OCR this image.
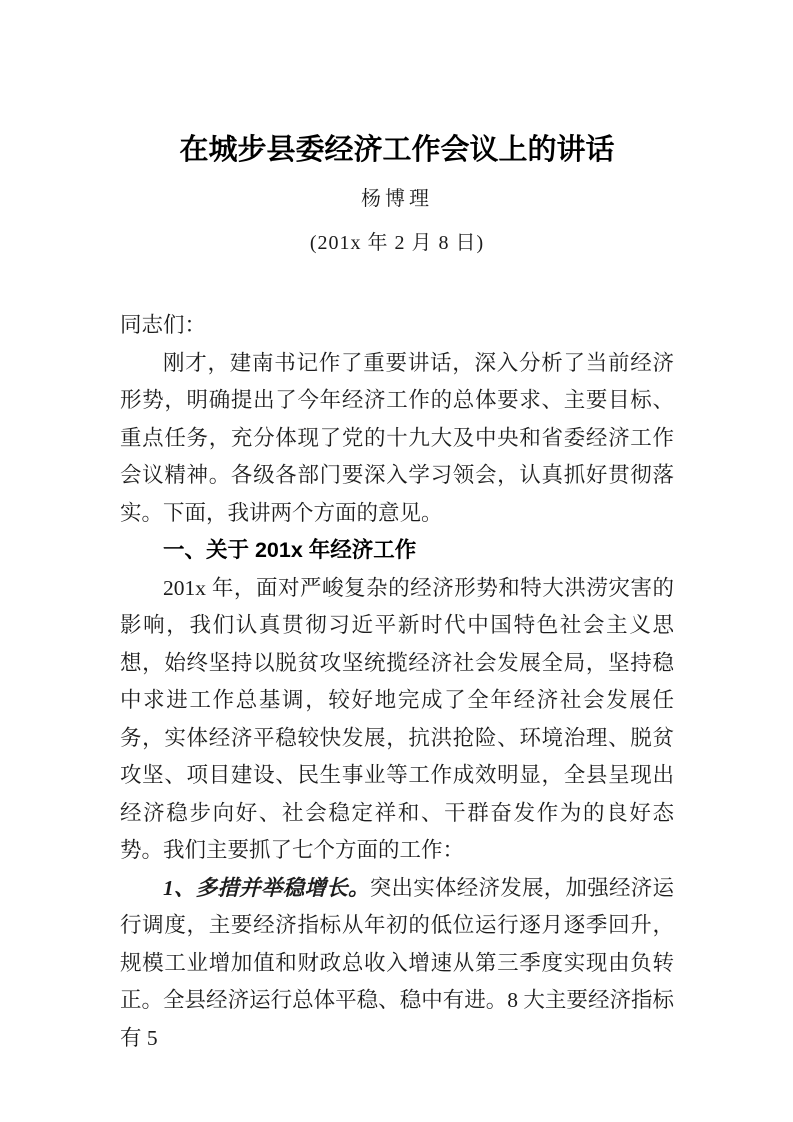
在城步县委经济工作会议上的讲话
杨博理
(201x 年 2 月 8 日)

同志们：

刚才，建南书记作了重要讲话，深入分析了当前经济形势，明确提出了今年经济工作的总体要求、主要目标、重点任务，充分体现了党的十九大及中央和省委经济工作会议精神。各级各部门要深入学习领会，认真抓好贯彻落实。下面，我讲两个方面的意见。

一、关于 201x 年经济工作

201x 年，面对严峻复杂的经济形势和特大洪涝灾害的影响，我们认真贯彻习近平新时代中国特色社会主义思想，始终坚持以脱贫攻坚统揽经济社会发展全局，坚持稳中求进工作总基调，较好地完成了全年经济社会发展任务，实体经济平稳较快发展，抗洪抢险、环境治理、脱贫攻坚、项目建设、民生事业等工作成效明显，全县呈现出经济稳步向好、社会稳定祥和、干群奋发作为的良好态势。我们主要抓了七个方面的工作：

1、多措并举稳增长。突出实体经济发展，加强经济运行调度，主要经济指标从年初的低位运行逐月逐季回升，规模工业增加值和财政总收入增速从第三季度实现由负转正。全县经济运行总体平稳、稳中有进。8 大主要经济指标有 5
